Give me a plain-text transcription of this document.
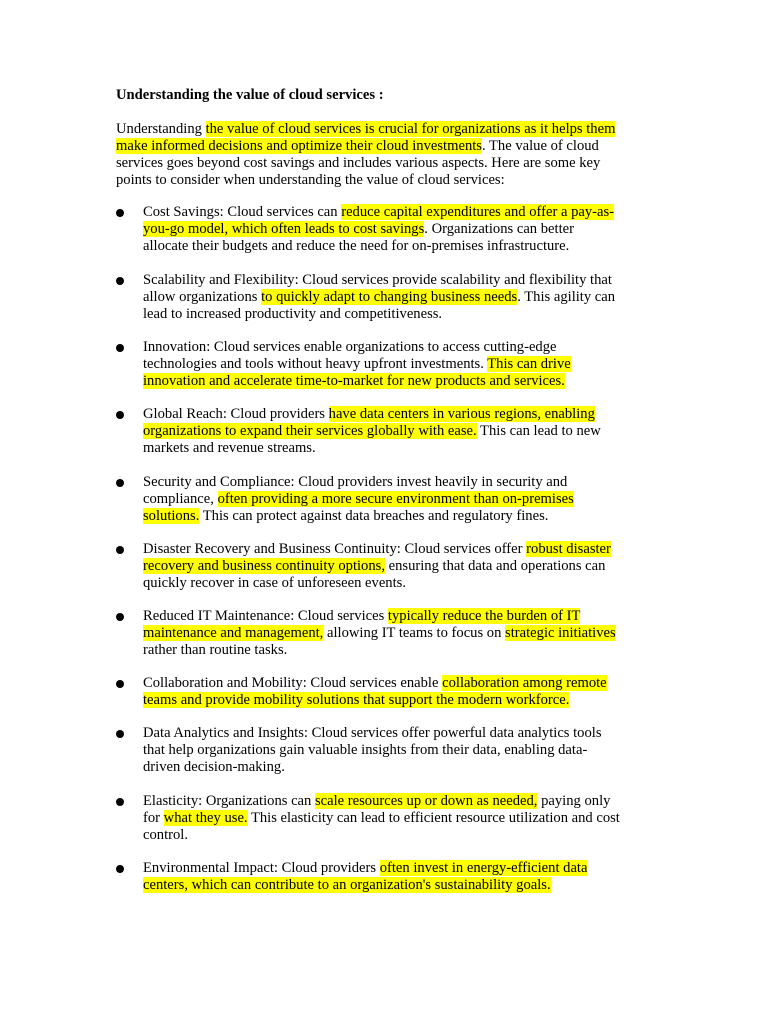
Understanding the value of cloud services :
Understanding the value of cloud services is crucial for organizations as it helps them
make informed decisions and optimize their cloud investments. The value of cloud
services goes beyond cost savings and includes various aspects. Here are some key
points to consider when understanding the value of cloud services:
Cost Savings: Cloud services can reduce capital expenditures and offer a pay-as-
you-go model, which often leads to cost savings. Organizations can better
allocate their budgets and reduce the need for on-premises infrastructure.
Scalability and Flexibility: Cloud services provide scalability and flexibility that
allow organizations to quickly adapt to changing business needs. This agility can
lead to increased productivity and competitiveness.
Innovation: Cloud services enable organizations to access cutting-edge
technologies and tools without heavy upfront investments. This can drive
innovation and accelerate time-to-market for new products and services.
Global Reach: Cloud providers have data centers in various regions, enabling
organizations to expand their services globally with ease. This can lead to new
markets and revenue streams.
Security and Compliance: Cloud providers invest heavily in security and
compliance, often providing a more secure environment than on-premises
solutions. This can protect against data breaches and regulatory fines.
Disaster Recovery and Business Continuity: Cloud services offer robust disaster
recovery and business continuity options, ensuring that data and operations can
quickly recover in case of unforeseen events.
Reduced IT Maintenance: Cloud services typically reduce the burden of IT
maintenance and management, allowing IT teams to focus on strategic initiatives
rather than routine tasks.
Collaboration and Mobility: Cloud services enable collaboration among remote
teams and provide mobility solutions that support the modern workforce.
Data Analytics and Insights: Cloud services offer powerful data analytics tools
that help organizations gain valuable insights from their data, enabling data-
driven decision-making.
Elasticity: Organizations can scale resources up or down as needed, paying only
for what they use. This elasticity can lead to efficient resource utilization and cost
control.
Environmental Impact: Cloud providers often invest in energy-efficient data
centers, which can contribute to an organization's sustainability goals.
